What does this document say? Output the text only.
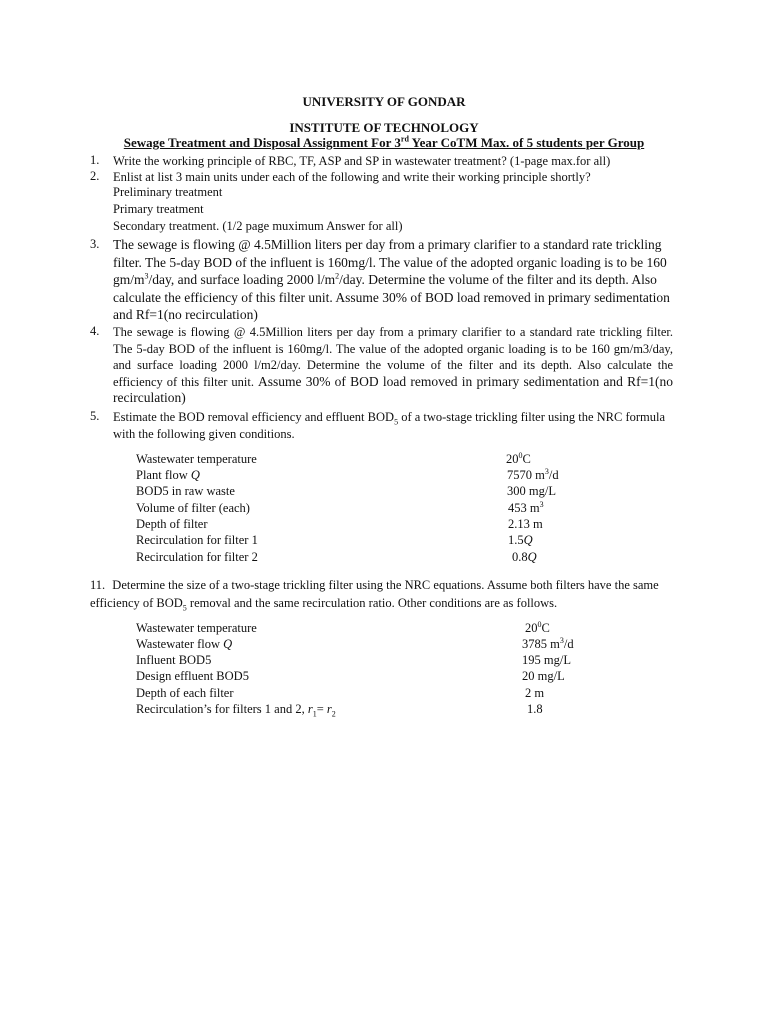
UNIVERSITY OF GONDAR
INSTITUTE OF TECHNOLOGY
Sewage Treatment and Disposal Assignment For 3rd Year CoTM Max. of 5 students per Group
1. Write the working principle of RBC, TF, ASP and SP in wastewater treatment? (1-page max.for all)
2. Enlist at list 3 main units under each of the following and write their working principle shortly?
Preliminary treatment
Primary treatment
Secondary treatment. (1/2 page muximum Answer for all)
3. The sewage is flowing @ 4.5Million liters per day from a primary clarifier to a standard rate trickling filter. The 5-day BOD of the influent is 160mg/l. The value of the adopted organic loading is to be 160 $gm/m^3$/day, and surface loading 2000 $l/m^2$/day. Determine the volume of the filter and its depth. Also calculate the efficiency of this filter unit. Assume 30% of BOD load removed in primary sedimentation and Rf=1(no recirculation)
4. The sewage is flowing @ 4.5Million liters per day from a primary clarifier to a standard rate trickling filter. The 5-day BOD of the influent is 160mg/l. The value of the adopted organic loading is to be 160 gm/m3/day, and surface loading 2000 l/m2/day. Determine the volume of the filter and its depth. Also calculate the efficiency of this filter unit. Assume 30% of BOD load removed in primary sedimentation and Rf=1(no recirculation)
5. Estimate the BOD removal efficiency and effluent $BOD_5$ of a two-stage trickling filter using the NRC formula with the following given conditions.
Wastewater temperature	$20^0C$
Plant flow Q	7570 $m^3/d$
BOD5 in raw waste	300 mg/L
Volume of filter (each)	453 $m^3$
Depth of filter	2.13 m
Recirculation for filter 1	1.5Q
Recirculation for filter 2	0.8Q
11. Determine the size of a two-stage trickling filter using the NRC equations. Assume both filters have the same efficiency of $BOD_5$ removal and the same recirculation ratio. Other conditions are as follows.
Wastewater temperature	$20^0C$
Wastewater flow Q	3785 $m^3/d$
Influent BOD5	195 mg/L
Design effluent BOD5	20 mg/L
Depth of each filter	2 m
Recirculation’s for filters 1 and 2, $r_1= r_2$	1.8
